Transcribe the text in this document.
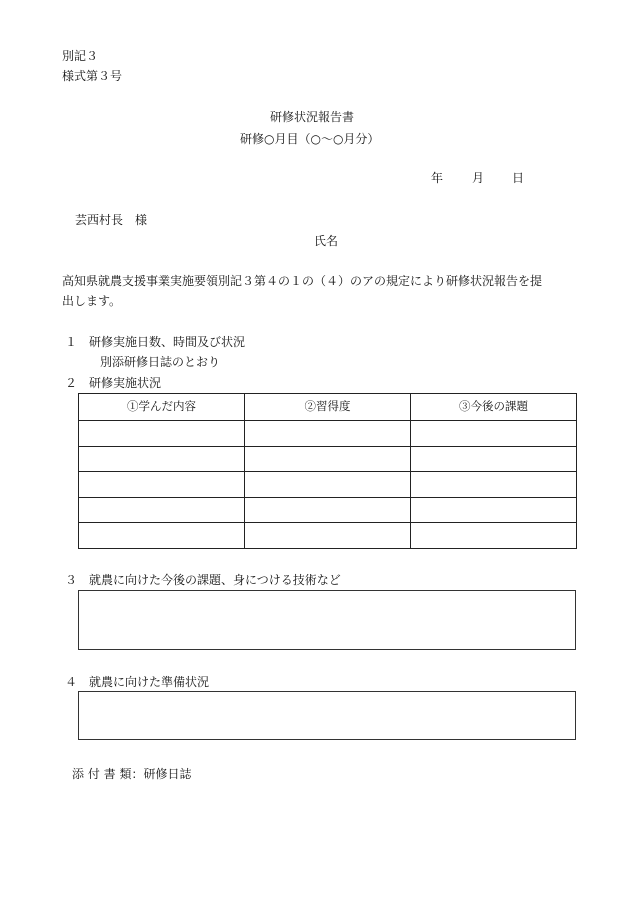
別記３
様式第３号
研修状況報告書
研修○月目（○～○月分）
年 月 日
芸西村長　様
氏名
高知県就農支援事業実施要領別記３第４の１の（４）のアの規定により研修状況報告を提
出します。
１　研修実施日数、時間及び状況
別添研修日誌のとおり
２　研修実施状況
①学んだ内容	②習得度	③今後の課題

３　就農に向けた今後の課題、身につける技術など
４　就農に向けた準備状況
添 付 書 類：研修日誌
